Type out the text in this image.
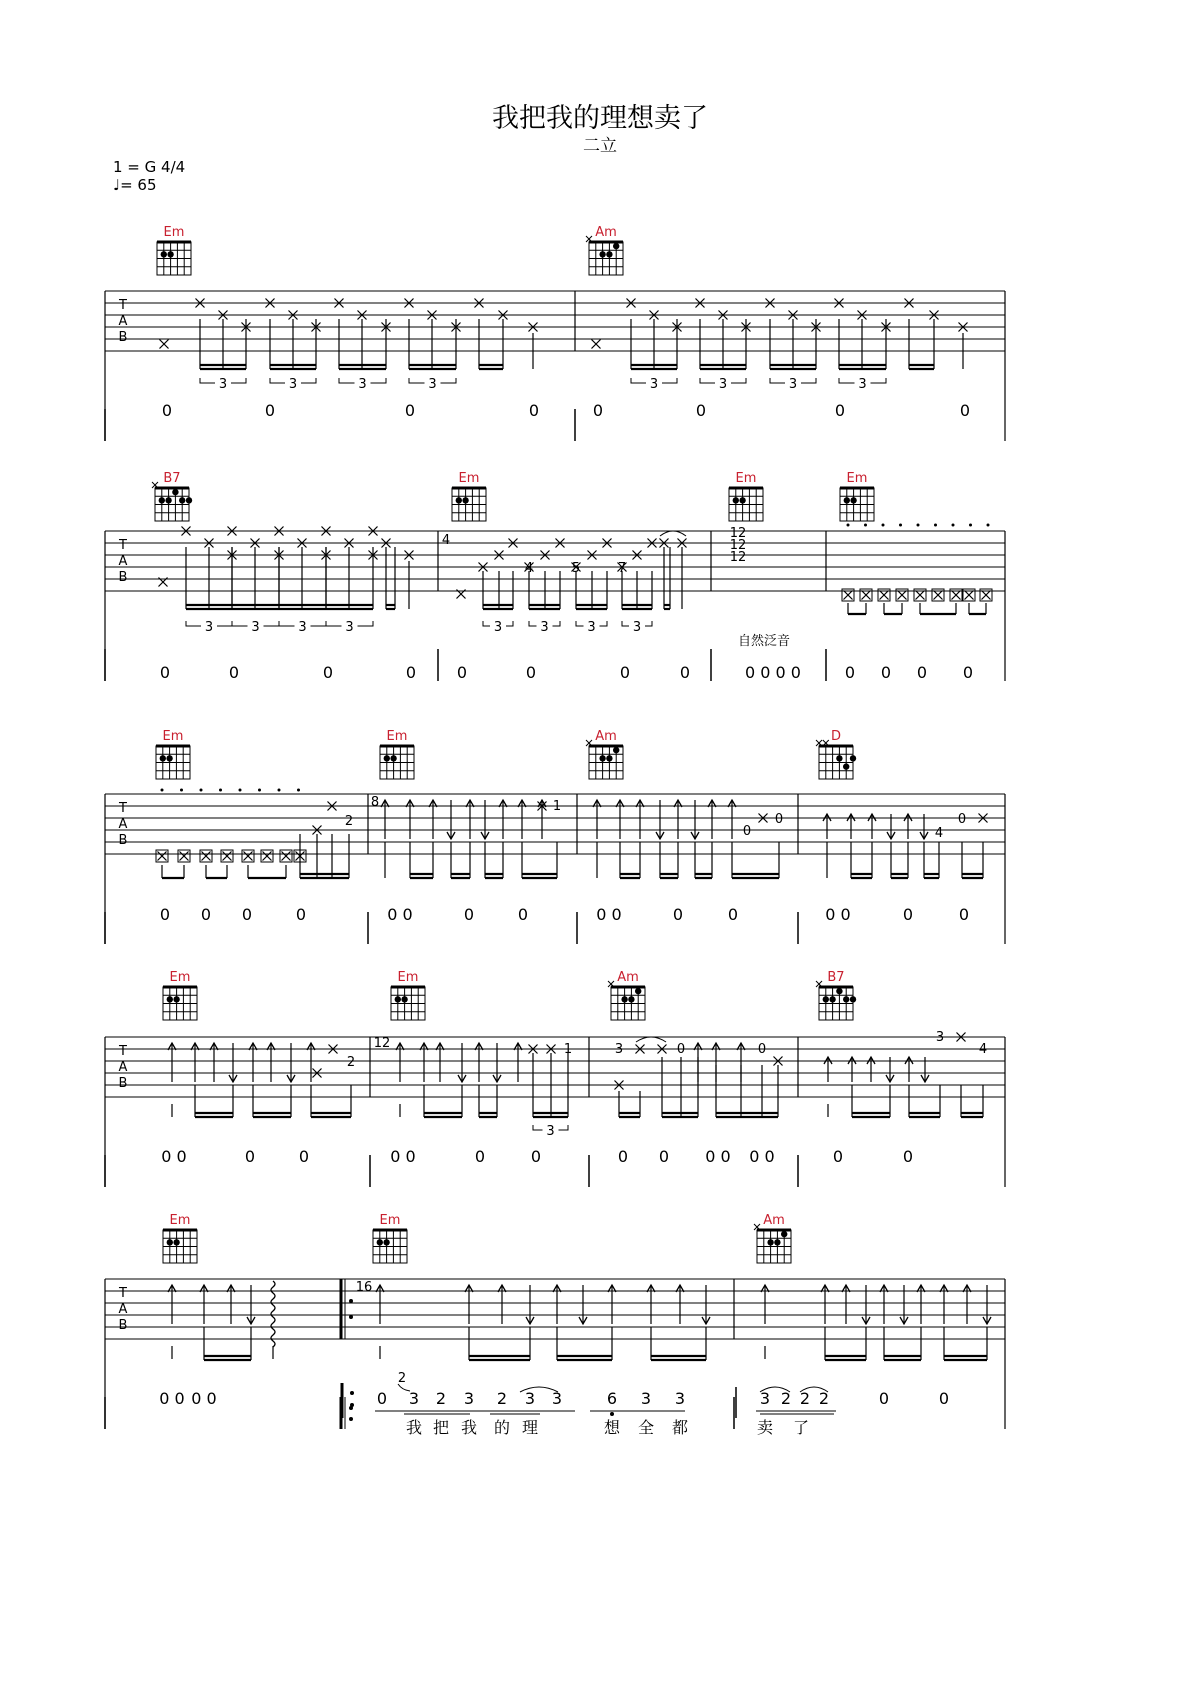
我把我的理想卖了
二立
1 = G 4/4
♩= 65
Em	Am
T
A
B
3	3	3	3	3	3	3	3
0	0	0	0	0	0	0	0
B7	Em	Em	Em
T
A
B
4
3	3	3	3	3	3	3	3
4	5	7
12
12
12
自然泛音
0	0	0	0	0	0	0	0	0 0 0 0	0 0 0 0
Em	Em	Am	D
T
A
B
8
2
1
0
0
4
0
0 0 0	0	0 0	0	0	0 0	0	0	0 0	0	0
Em	Em	Am	B7
T
A
B
12
2
1
3
3	0	0
3
4
0 0	0	0	0 0	0	0	0 0 0 0 0 0	0	0
Em	Em	Am
T
A
B
16
0 0 0 0	0 3 2 3 2 3 3	6 3 3	3 2 2 2	0	0
2
我 把 我 的 理	想 全 都	卖 了
